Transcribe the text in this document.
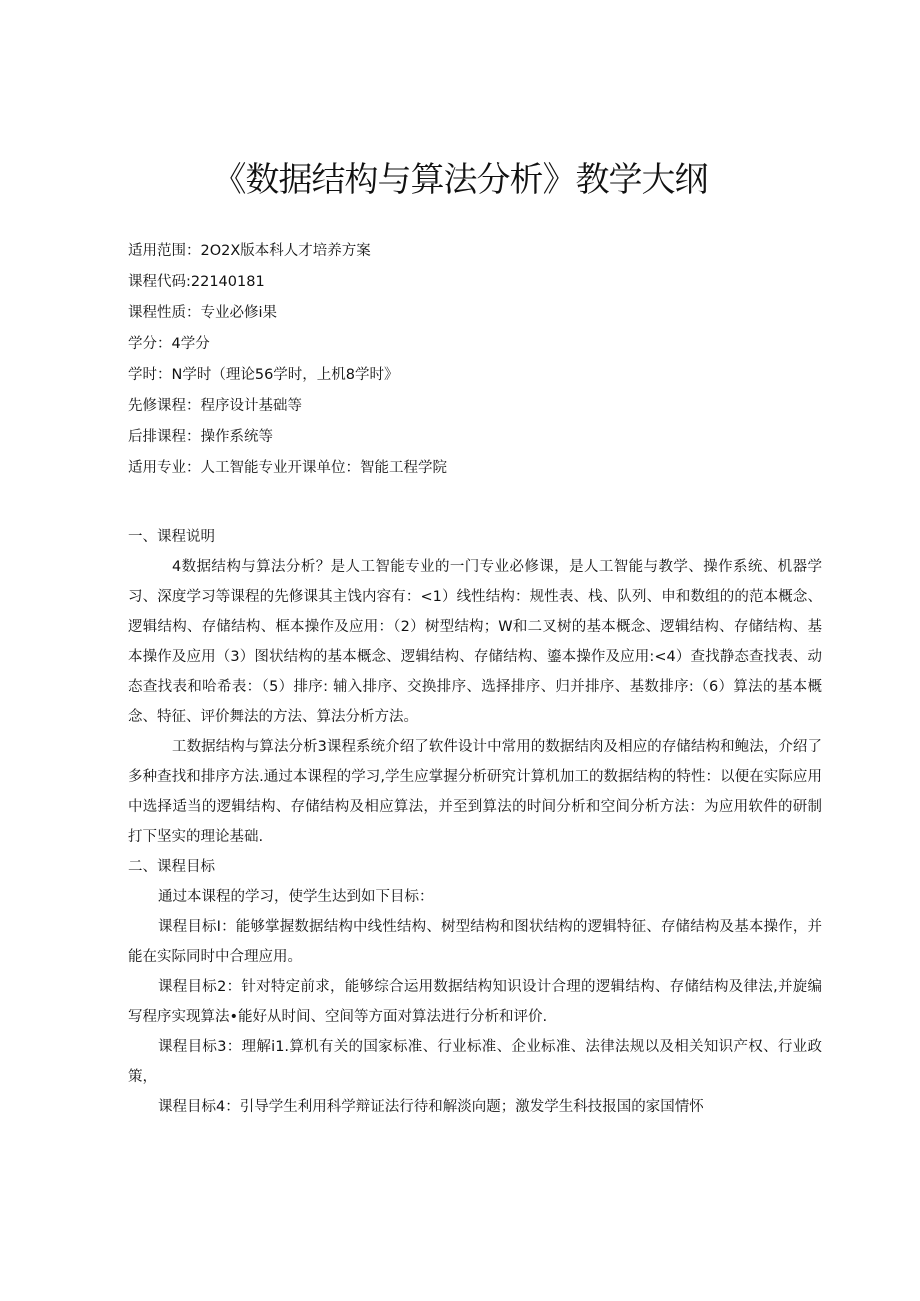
《数据结构与算法分析》教学大纲
适用范围：2O2X版本科人才培养方案
课程代码:22140181
课程性质：专业必修i果
学分：4学分
学时：N学时（理论56学时，上机8学时》
先修课程：程序设计基础等
后排课程：操作系统等
适用专业：人工智能专业开课单位：智能工程学院
一、课程说明
4数据结构与算法分析？是人工智能专业的一门专业必修课，是人工智能与教学、操作系统、机器学习、深度学习等课程的先修课其主饯内容有：<1）线性结构：规性表、栈、队列、申和数组的的范本概念、逻辑结构、存储结构、框本操作及应用：（2）树型结构；W和二叉树的基本概念、逻辑结构、存储结构、基本操作及应用（3）图状结构的基本概念、逻辑结构、存储结构、鎏本操作及应用:<4）查找静态查找表、动态查找表和哈希表：（5）排序: 辅入排序、交换排序、选择排序、归并排序、基数排序:（6）算法的基本概念、特征、评价舞法的方法、算法分析方法。
工数据结构与算法分析3课程系统介绍了软件设计中常用的数据结肉及相应的存储结构和鲍法，介绍了多种查找和排序方法.通过本课程的学习,学生应掌握分析研究计算机加工的数据结构的特性：以便在实际应用中选择适当的逻辑结构、存储结构及相应算法，并至到算法的时间分析和空间分析方法：为应用软件的研制打下坚实的理论基础.
二、课程目标
通过本课程的学习，使学生达到如下目标：
课程目标I：能够掌握数据结构中线性结构、树型结构和图状结构的逻辑特征、存储结构及基本操作，并能在实际同时中合理应用。
课程目标2：针对特定前求，能够综合运用数据结构知识设计合理的逻辑结构、存储结构及律法,并旋编写程序实现算法•能好从时间、空间等方面对算法进行分析和评价.
课程目标3：理解i1.算机有关的国家标准、行业标准、企业标准、法律法规以及相关知识产权、行业政策，
课程目标4：引导学生利用科学辩证法行待和解淡向题；激发学生科技报国的家国情怀
